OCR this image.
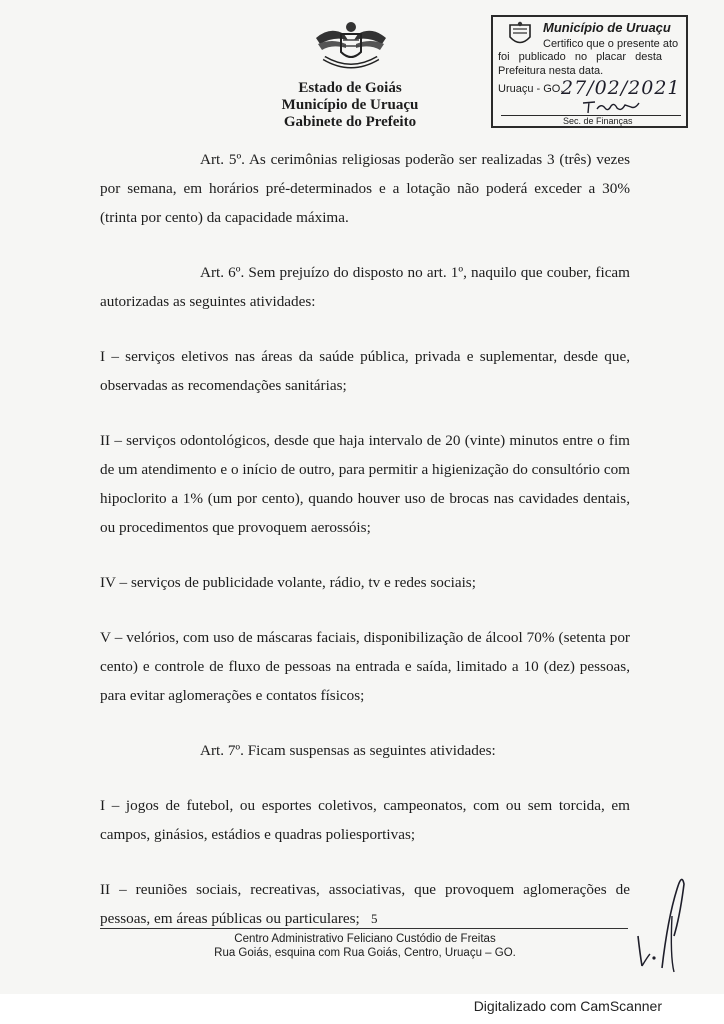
Estado de Goiás
Município de Uruaçu
Gabinete do Prefeito
Município de Uruaçu
Certifico que o presente ato
foi publicado no placar desta
Prefeitura nesta data.
Uruaçu - GO,
27/02/2021
Sec. de Finanças

Art. 5º. As cerimônias religiosas poderão ser realizadas 3 (três) vezes por semana, em horários pré-determinados e a lotação não poderá exceder a 30% (trinta por cento) da capacidade máxima.

Art. 6º. Sem prejuízo do disposto no art. 1º, naquilo que couber, ficam autorizadas as seguintes atividades:

I – serviços eletivos nas áreas da saúde pública, privada e suplementar, desde que, observadas as recomendações sanitárias;

II – serviços odontológicos, desde que haja intervalo de 20 (vinte) minutos entre o fim de um atendimento e o início de outro, para permitir a higienização do consultório com hipoclorito a 1% (um por cento), quando houver uso de brocas nas cavidades dentais, ou procedimentos que provoquem aerossóis;

IV – serviços de publicidade volante, rádio, tv e redes sociais;

V – velórios, com uso de máscaras faciais, disponibilização de álcool 70% (setenta por cento) e controle de fluxo de pessoas na entrada e saída, limitado a 10 (dez) pessoas, para evitar aglomerações e contatos físicos;

Art. 7º. Ficam suspensas as seguintes atividades:

I – jogos de futebol, ou esportes coletivos, campeonatos, com ou sem torcida, em campos, ginásios, estádios e quadras poliesportivas;

II – reuniões sociais, recreativas, associativas, que provoquem aglomerações de pessoas, em áreas públicas ou particulares; 5
Centro Administrativo Feliciano Custódio de Freitas
Rua Goiás, esquina com Rua Goiás, Centro, Uruaçu – GO.
Digitalizado com CamScanner
